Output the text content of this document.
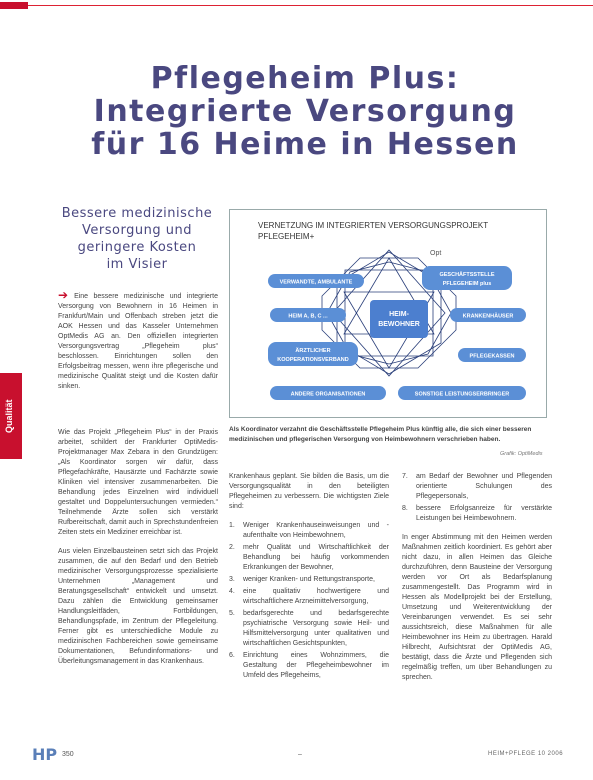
Pflegeheim Plus:
Integrierte Versorgung
für 16 Heime in Hessen
Bessere medizinische
Versorgung und
geringere Kosten
im Visier
Qualität

➔ Eine bessere medizinische und integrierte Versorgung von Bewohnern in 16 Heimen in Frankfurt/Main und Offenbach streben jetzt die AOK Hessen und das Kasseler Unternehmen OptMedis AG an. Den offiziellen integrierten Versorgungsvertrag „Pflegeheim plus“ beschlossen. Einrichtungen sollen den Erfolgsbeitrag messen, wenn ihre pflegerische und medizinische Qualität steigt und die Kosten dafür sinken.

Wie das Projekt „Pflegeheim Plus“ in der Praxis arbeitet, schildert der Frankfurter OptiMedis-Projektmanager Max Zebara in den Grundzügen: „Als Koordinator sorgen wir dafür, dass Pflegefachkräfte, Hausärzte und Fachärzte sowie Kliniken viel intensiver zusammenarbeiten. Die Behandlung jedes Einzelnen wird individuell gestaltet und Doppeluntersuchungen vermieden.“ Teilnehmende Ärzte sollen sich verstärkt Rufbereitschaft, damit auch in Sprechstundenfreien Zeiten stets ein Mediziner erreichbar ist.

Aus vielen Einzelbausteinen setzt sich das Projekt zusammen, die auf den Bedarf und den Betrieb medizinischer Versorgungsprozesse spezialisierte Unternehmen „Management und Beratungsgesellschaft“ entwickelt und umsetzt. Dazu zählen die Entwicklung gemeinsamer Handlungsleitfäden, Fortbildungen, Behandlungspfade, im Zentrum der Pflegeleitung. Ferner gibt es unterschiedliche Module zu medizinischen Fachbereichen sowie gemeinsame Dokumentationen, Befundinformations- und Überleitungsmanagement in das Krankenhaus.

VERNETZUNG IM INTEGRIERTEN VERSORGUNGSPROJEKT
PFLEGEHEIM+
Opt
HEIM-
BEWOHNER
VERWANDTE, AMBULANTE
GESCHÄFTSSTELLE
PFLEGEHEIM plus
HEIM A, B, C ...	KRANKENHÄUSER
ÄRZTLICHER
KOOPERATIONSVERBAND
PFLEGEKASSEN
ANDERE ORGANISATIONEN	SONSTIGE LEISTUNGSERBRINGER
Als Koordinator verzahnt die Geschäftsstelle Pflegeheim Plus künftig alle, die sich einer besseren medizinischen und pflegerischen Versorgung von Heimbewohnern verschrieben haben.
Grafik: OptiMedis

Krankenhaus geplant. Sie bilden die Basis, um die Versorgungsqualität in den beteiligten Pflegeheimen zu verbessern. Die wichtigsten Ziele sind:

1. Weniger Krankenhauseinweisungen und -aufenthalte von Heimbewohnern,
2. mehr Qualität und Wirtschaftlichkeit der Behandlung bei häufig vorkommenden Erkrankungen der Bewohner,
3. weniger Kranken- und Rettungstransporte,
4. eine qualitativ hochwertigere und wirtschaftlichere Arzneimittelversorgung,
5. bedarfsgerechte und bedarfsgerechte psychiatrische Versorgung sowie Heil- und Hilfsmittelversorgung unter qualitativen und wirtschaftlichen Gesichtspunkten,
6. Einrichtung eines Wohnzimmers, die Gestaltung der Pflegeheimbewohner im Umfeld des Pflegeheims,
7. am Bedarf der Bewohner und Pflegenden orientierte Schulungen des Pflegepersonals,
8. bessere Erfolgsanreize für verstärkte Leistungen bei Heimbewohnern.

In enger Abstimmung mit den Heimen werden Maßnahmen zeitlich koordiniert. Es gehört aber nicht dazu, in allen Heimen das Gleiche durchzuführen, denn Bausteine der Versorgung werden vor Ort als Bedarfsplanung zusammengestellt. Das Programm wird in Hessen als Modellprojekt bei der Erstellung, Umsetzung und Weiterentwicklung der Vereinbarungen verwendet. Es sei sehr aussichtsreich, diese Maßnahmen für alle Heimbewohner ins Heim zu übertragen. Harald Hilbrecht, Aufsichtsrat der OptiMedis AG, bestätigt, dass die Ärzte und Pflegenden sich regelmäßig treffen, um über Behandlungen zu sprechen.

HP 350	–	HEIM+PFLEGE 10 2006
